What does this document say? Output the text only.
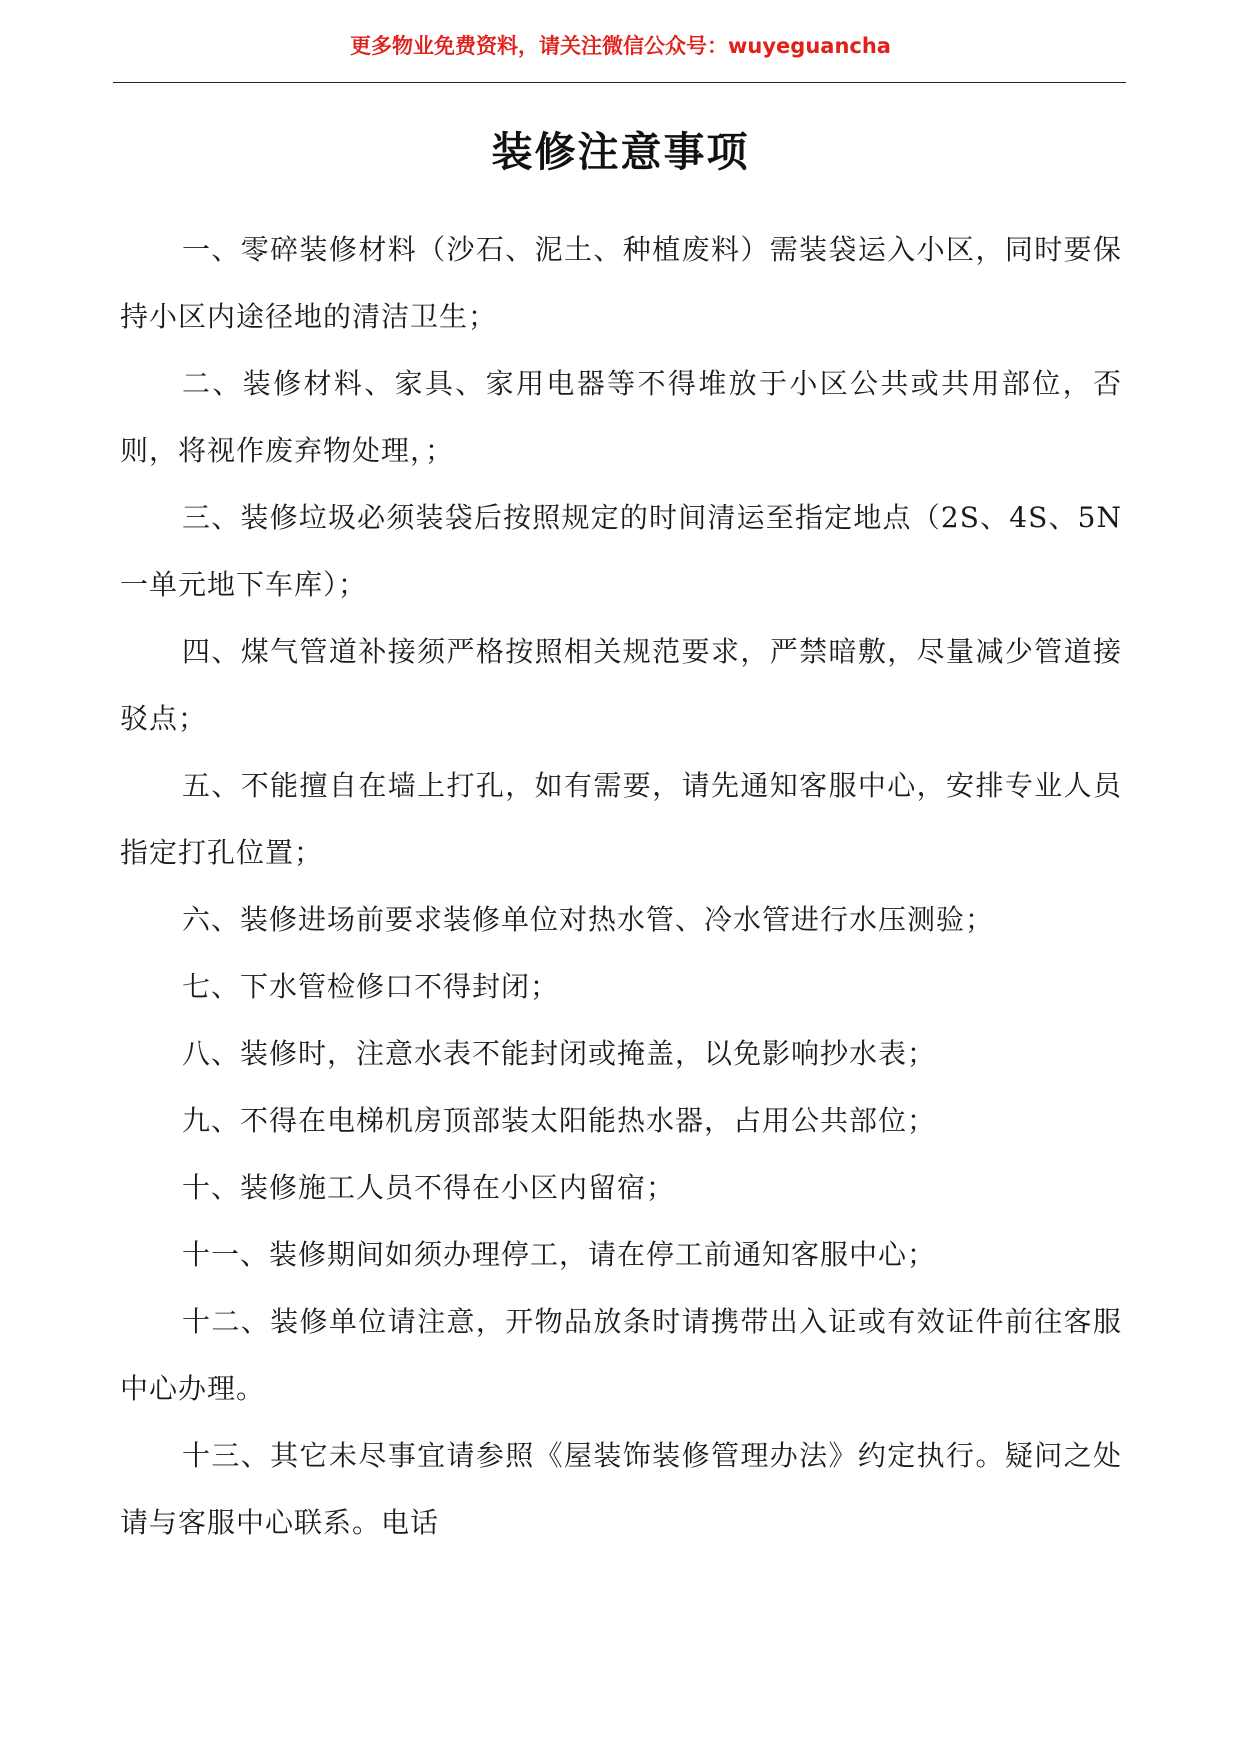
更多物业免费资料，请关注微信公众号：wuyeguancha
装修注意事项

一、零碎装修材料（沙石、泥土、种植废料）需装袋运入小区，同时要保持小区内途径地的清洁卫生；

二、装修材料、家具、家用电器等不得堆放于小区公共或共用部位，否则，将视作废弃物处理，；

三、装修垃圾必须装袋后按照规定的时间清运至指定地点（2S、4S、5N一单元地下车库）；

四、煤气管道补接须严格按照相关规范要求，严禁暗敷，尽量减少管道接驳点；

五、不能擅自在墙上打孔，如有需要，请先通知客服中心，安排专业人员指定打孔位置；

六、装修进场前要求装修单位对热水管、冷水管进行水压测验；

七、下水管检修口不得封闭；

八、装修时，注意水表不能封闭或掩盖，以免影响抄水表；

九、不得在电梯机房顶部装太阳能热水器，占用公共部位；

十、装修施工人员不得在小区内留宿；

十一、装修期间如须办理停工，请在停工前通知客服中心；

十二、装修单位请注意，开物品放条时请携带出入证或有效证件前往客服中心办理。

十三、其它未尽事宜请参照《屋装饰装修管理办法》约定执行。疑问之处请与客服中心联系。电话
